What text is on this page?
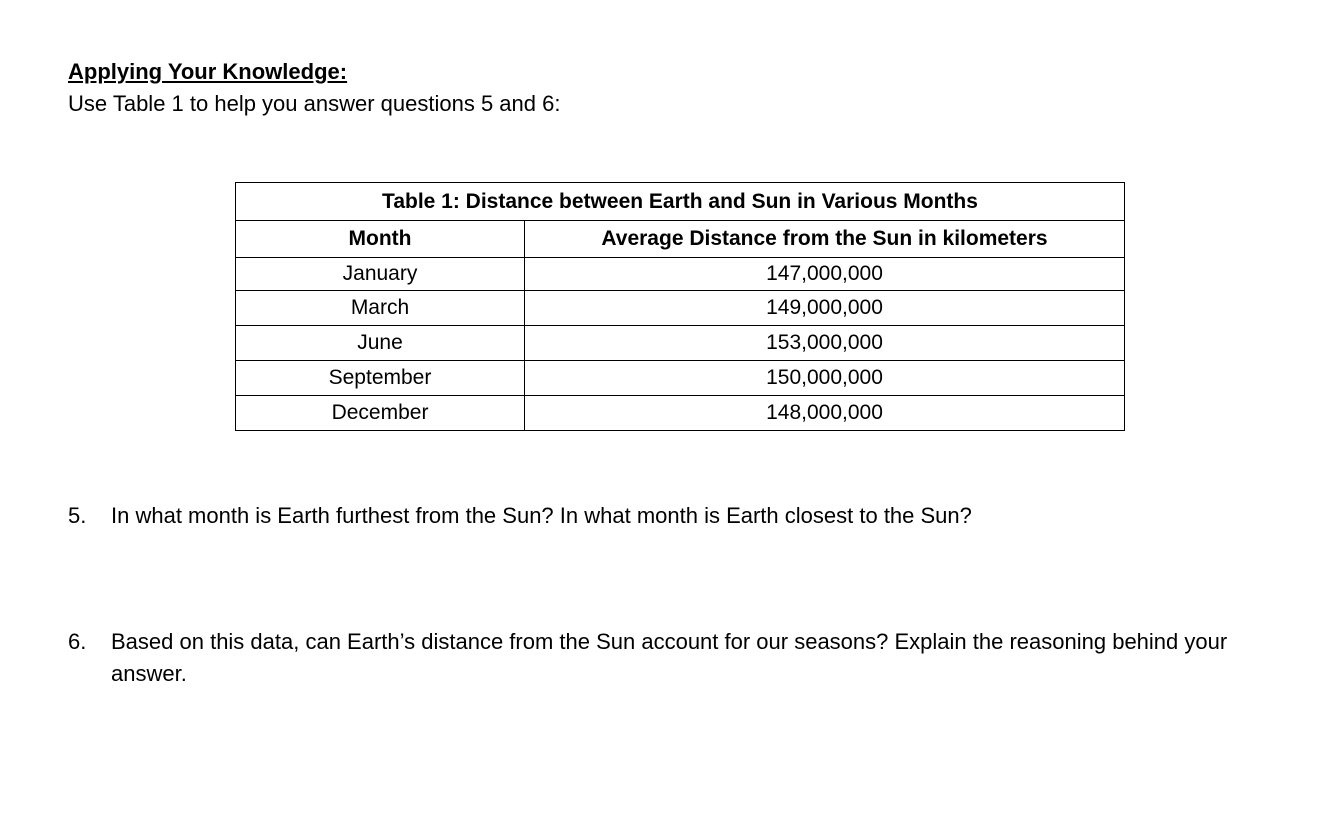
Applying Your Knowledge:

Use Table 1 to help you answer questions 5 and 6:

Table 1: Distance between Earth and Sun in Various Months	
Month	Average Distance from the Sun in kilometers
January	147,000,000
March	149,000,000
June	153,000,000
September	150,000,000
December	148,000,000
5. In what month is Earth furthest from the Sun? In what month is Earth closest to the Sun?
6. Based on this data, can Earth’s distance from the Sun account for our seasons? Explain the reasoning behind your answer.
